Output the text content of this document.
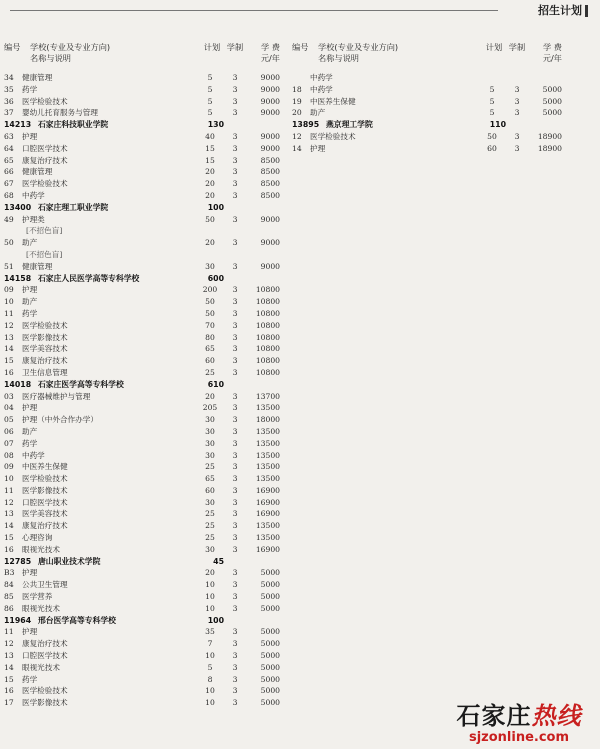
招生计划
编号	学校(专业及专业方向)
名称与说明
计划 学制	学 费
元/年
34	健康管理	5	3	9000
35	药学	5	3	9000
36	医学检验技术	5	3	9000
37	婴幼儿托育服务与管理	5	3	9000
14213 石家庄科技职业学院	130
63	护理	40	3	9000
64	口腔医学技术	15	3	9000
65	康复治疗技术	15	3	8500
66	健康管理	20	3	8500
67	医学检验技术	20	3	8500
68	中药学	20	3	8500
13400 石家庄理工职业学院	100
49	护理类	50	3	9000
[不招色盲]
50	助产	20	3	9000
[不招色盲]
51	健康管理	30	3	9000
14158 石家庄人民医学高等专科学校	600
09	护理	200	3	10800
10	助产	50	3	10800
11	药学	50	3	10800
12	医学检验技术	70	3	10800
13	医学影像技术	80	3	10800
14	医学美容技术	65	3	10800
15	康复治疗技术	60	3	10800
16	卫生信息管理	25	3	10800
14018 石家庄医学高等专科学校	610
03	医疗器械维护与管理	20	3	13700
04	护理	205	3	13500
05	护理（中外合作办学）	30	3	18000
06	助产	30	3	13500
07	药学	30	3	13500
08	中药学	30	3	13500
09	中医养生保健	25	3	13500
10	医学检验技术	65	3	13500
11	医学影像技术	60	3	16900
12	口腔医学技术	30	3	16900
13	医学美容技术	25	3	16900
14	康复治疗技术	25	3	13500
15	心理咨询	25	3	13500
16	眼视光技术	30	3	16900
12785 唐山职业技术学院	45
B3 护理	20	3	5000
84	公共卫生管理	10	3	5000
85	医学营养	10	3	5000
86	眼视光技术	10	3	5000
11964 邢台医学高等专科学校	100
11	护理	35	3	5000
12	康复治疗技术	7	3	5000
13	口腔医学技术	10	3	5000
14	眼视光技术	5	3	5000
15	药学	8	3	5000
16	医学检验技术	10	3	5000
17	医学影像技术	10	3	5000
编号	学校(专业及专业方向)
名称与说明
计划 学制	学 费
元/年
中药学
18	中药学	5	3	5000
19	中医养生保健	5	3	5000
20	助产	5	3	5000
13895 燕京理工学院	110
12	医学检验技术	50	3	18900
14	护理	60	3	18900
石家庄热线
sjzonline.com
